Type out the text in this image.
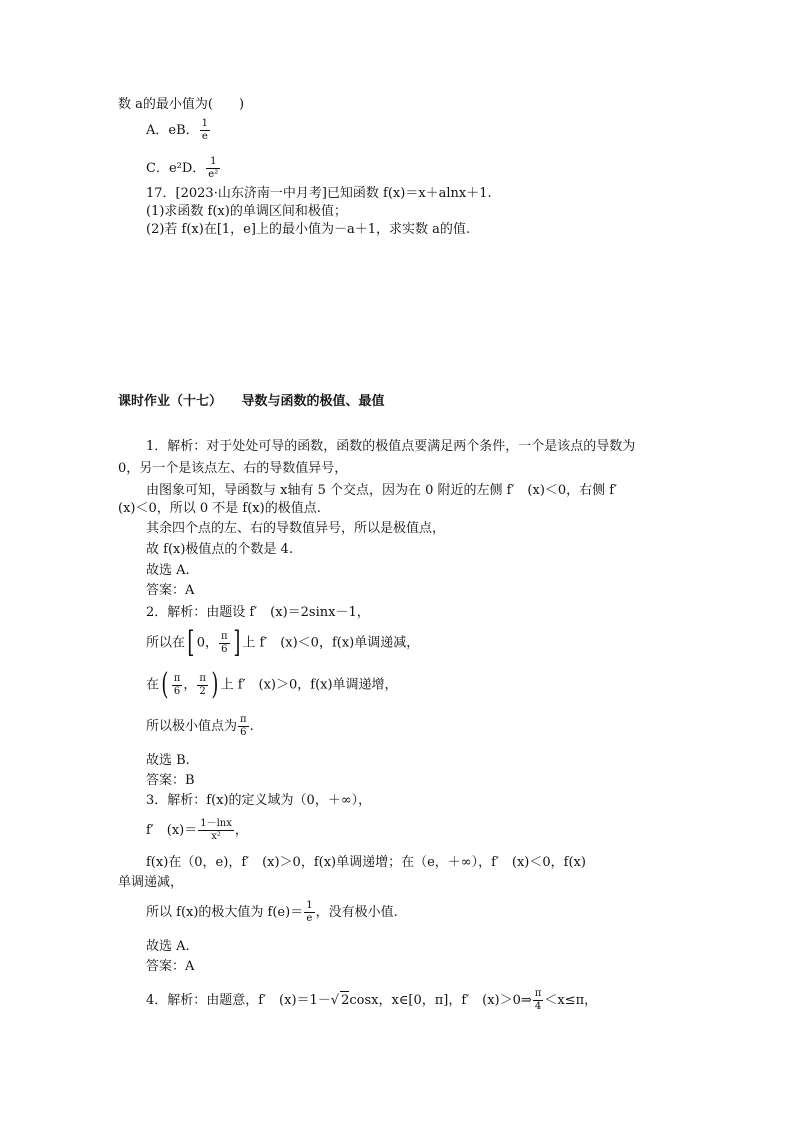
数 a的最小值为(　　)
A．eB． $\frac{1}{e}$
C．e²D． $\frac{1}{\text{e²}}$
17．[2023·山东济南一中月考]已知函数 f(x)＝x＋alnx＋1.
(1)求函数 f(x)的单调区间和极值；
(2)若 f(x)在[1，e]上的最小值为－a＋1，求实数 a的值.
课时作业（十七）　　导数与函数的极值、最值
1．解析：对于处处可导的函数，函数的极值点要满足两个条件，一个是该点的导数为
0，另一个是该点左、右的导数值异号，
由图象可知，导函数与 x轴有 5 个交点，因为在 0 附近的左侧 f′　(x)＜0，右侧 f′
(x)＜0，所以 0 不是 f(x)的极值点.
其余四个点的左、右的导数值异号，所以是极值点，
故 f(x)极值点的个数是 4.
故选 A.
答案：A
2．解析：由题设 f′　(x)＝2sinx－1，
所以在[ 0， $\frac{\pi}{6}$ ] 上 f′　(x)＜0，f(x)单调递减，
在( $\frac{\pi}{6}$ ， $\frac{\pi}{2}$ ) 上 f′　(x)＞0，f(x)单调递增，
所以极小值点为 $\frac{\pi}{6}$ .
故选 B.
答案：B
3．解析：f(x)的定义域为（0，＋∞），
f′　$(x)= \frac{1-\ln x}{\text{x²}}$ ，
f(x)在（0，e)，f′　(x)＞0，f(x)单调递增；在（e，＋∞），f′　(x)＜0，f(x)
单调递减，
所以 f(x)的极大值为 $f(e)= \frac{1}{e}$ ，没有极小值.
故选 A.
答案：A
4．解析：由题意，f′　(x)＝1－√ 2cosx，x∈[0，π]，f′　(x)＞0⇒ $\frac{\pi}{4} <x\le\pi$，
